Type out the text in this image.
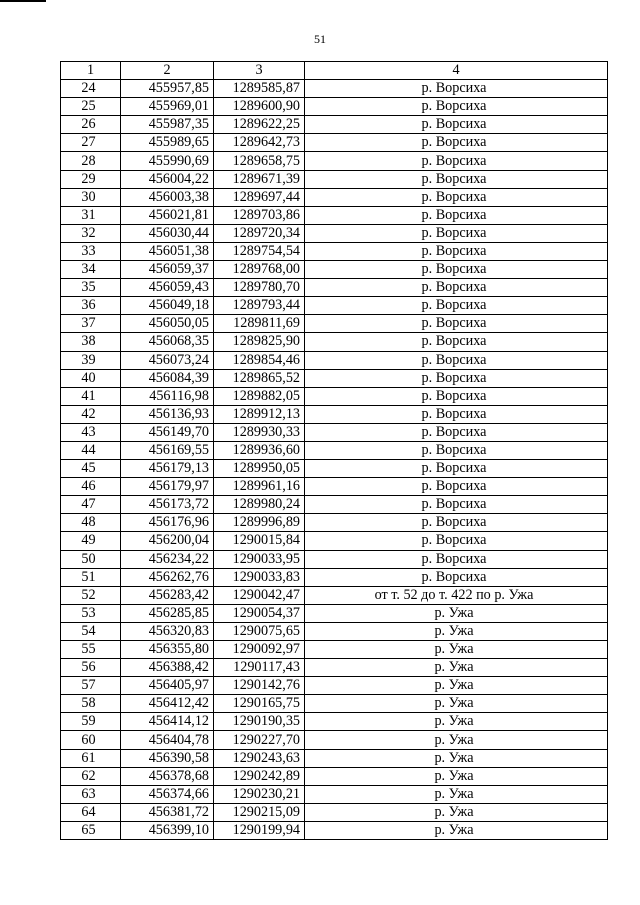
51
1	2	3	4
24	455957,85	1289585,87	р. Ворсиха
25	455969,01	1289600,90	р. Ворсиха
26	455987,35	1289622,25	р. Ворсиха
27	455989,65	1289642,73	р. Ворсиха
28	455990,69	1289658,75	р. Ворсиха
29	456004,22	1289671,39	р. Ворсиха
30	456003,38	1289697,44	р. Ворсиха
31	456021,81	1289703,86	р. Ворсиха
32	456030,44	1289720,34	р. Ворсиха
33	456051,38	1289754,54	р. Ворсиха
34	456059,37	1289768,00	р. Ворсиха
35	456059,43	1289780,70	р. Ворсиха
36	456049,18	1289793,44	р. Ворсиха
37	456050,05	1289811,69	р. Ворсиха
38	456068,35	1289825,90	р. Ворсиха
39	456073,24	1289854,46	р. Ворсиха
40	456084,39	1289865,52	р. Ворсиха
41	456116,98	1289882,05	р. Ворсиха
42	456136,93	1289912,13	р. Ворсиха
43	456149,70	1289930,33	р. Ворсиха
44	456169,55	1289936,60	р. Ворсиха
45	456179,13	1289950,05	р. Ворсиха
46	456179,97	1289961,16	р. Ворсиха
47	456173,72	1289980,24	р. Ворсиха
48	456176,96	1289996,89	р. Ворсиха
49	456200,04	1290015,84	р. Ворсиха
50	456234,22	1290033,95	р. Ворсиха
51	456262,76	1290033,83	р. Ворсиха
52	456283,42	1290042,47	от т. 52 до т. 422 по р. Ужа
53	456285,85	1290054,37	р. Ужа
54	456320,83	1290075,65	р. Ужа
55	456355,80	1290092,97	р. Ужа
56	456388,42	1290117,43	р. Ужа
57	456405,97	1290142,76	р. Ужа
58	456412,42	1290165,75	р. Ужа
59	456414,12	1290190,35	р. Ужа
60	456404,78	1290227,70	р. Ужа
61	456390,58	1290243,63	р. Ужа
62	456378,68	1290242,89	р. Ужа
63	456374,66	1290230,21	р. Ужа
64	456381,72	1290215,09	р. Ужа
65	456399,10	1290199,94	р. Ужа
